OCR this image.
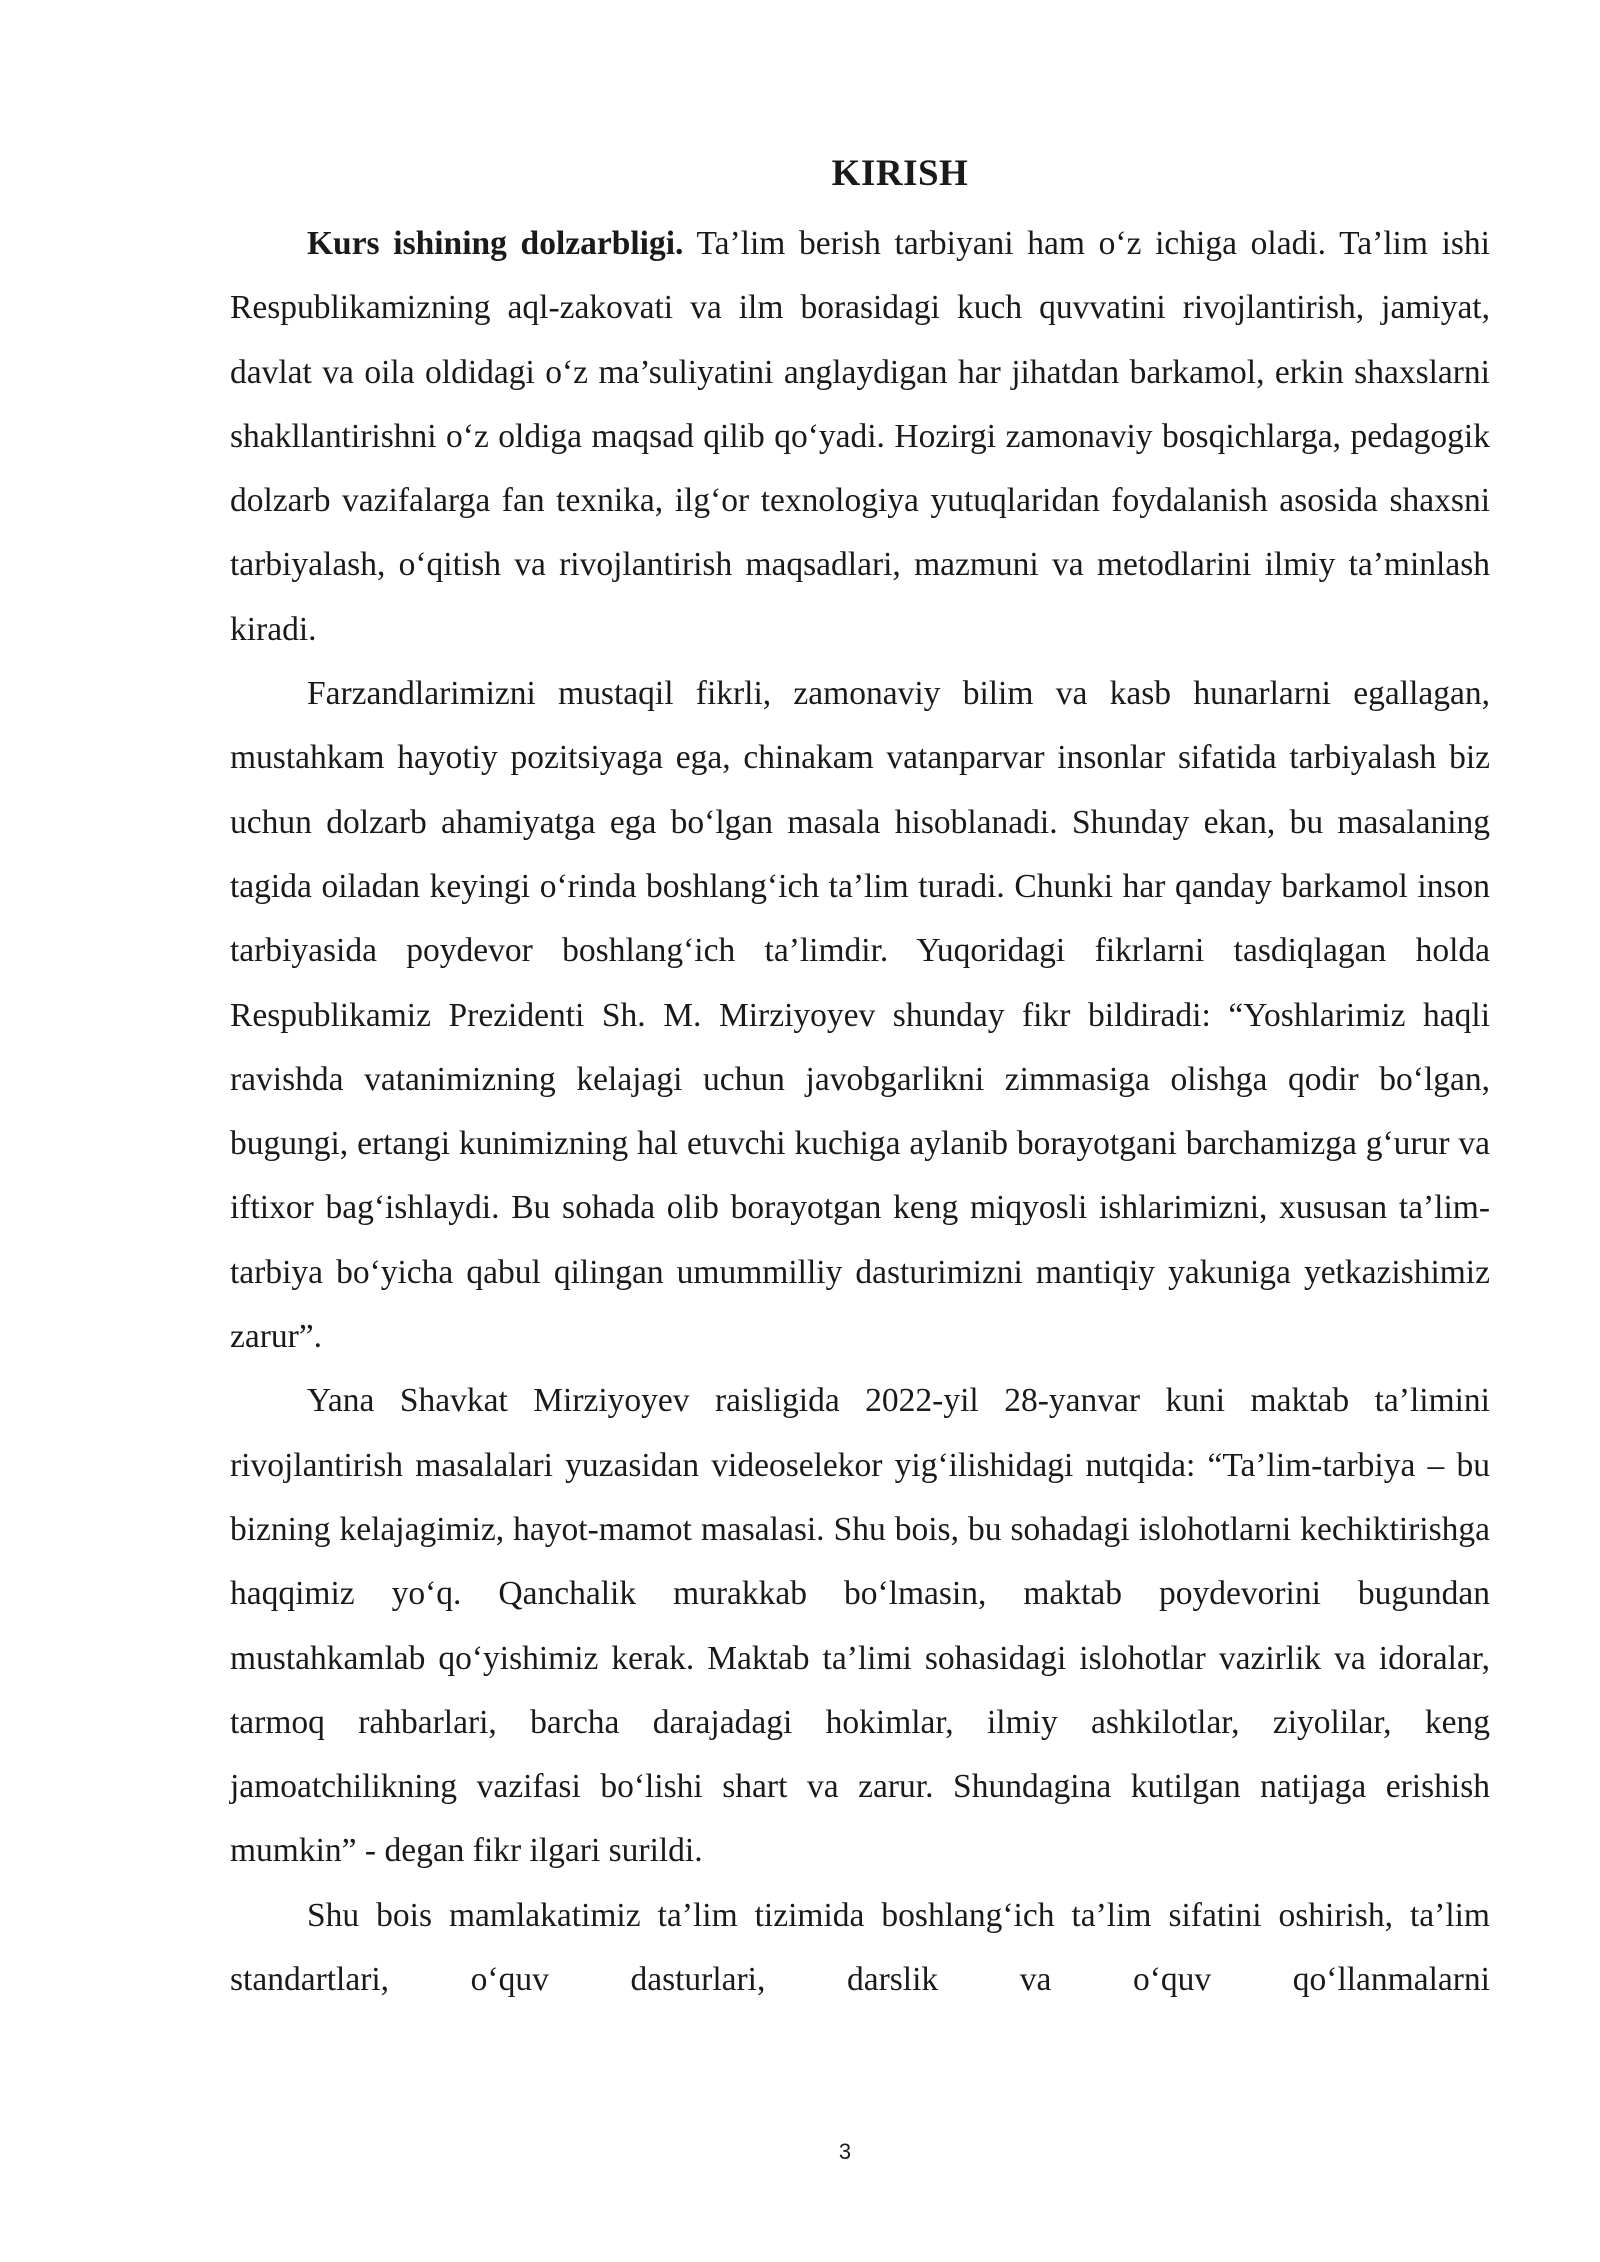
KIRISH

Kurs ishining dolzarbligi. Ta’lim berish tarbiyani ham o‘z ichiga oladi. Ta’lim ishi Respublikamizning aql-zakovati va ilm borasidagi kuch quvvatini rivojlantirish, jamiyat, davlat va oila oldidagi o‘z ma’suliyatini anglaydigan har jihatdan barkamol, erkin shaxslarni shakllantirishni o‘z oldiga maqsad qilib qo‘yadi. Hozirgi zamonaviy bosqichlarga, pedagogik dolzarb vazifalarga fan texnika, ilg‘or texnologiya yutuqlaridan foydalanish asosida shaxsni tarbiyalash, o‘qitish va rivojlantirish maqsadlari, mazmuni va metodlarini ilmiy ta’minlash kiradi.

Farzandlarimizni mustaqil fikrli, zamonaviy bilim va kasb hunarlarni egallagan, mustahkam hayotiy pozitsiyaga ega, chinakam vatanparvar insonlar sifatida tarbiyalash biz uchun dolzarb ahamiyatga ega bo‘lgan masala hisoblanadi. Shunday ekan, bu masalaning tagida oiladan keyingi o‘rinda boshlang‘ich ta’lim turadi. Chunki har qanday barkamol inson tarbiyasida poydevor boshlang‘ich ta’limdir. Yuqoridagi fikrlarni tasdiqlagan holda Respublikamiz Prezidenti Sh. M. Mirziyoyev shunday fikr bildiradi: “Yoshlarimiz haqli ravishda vatanimizning kelajagi uchun javobgarlikni zimmasiga olishga qodir bo‘lgan, bugungi, ertangi kunimizning hal etuvchi kuchiga aylanib borayotgani barchamizga g‘urur va iftixor bag‘ishlaydi. Bu sohada olib borayotgan keng miqyosli ishlarimizni, xususan ta’lim-tarbiya bo‘yicha qabul qilingan umummilliy dasturimizni mantiqiy yakuniga yetkazishimiz zarur”.

Yana Shavkat Mirziyoyev raisligida 2022-yil 28-yanvar kuni maktab ta’limini rivojlantirish masalalari yuzasidan videoselekor yig‘ilishidagi nutqida: “Ta’lim-tarbiya – bu bizning kelajagimiz, hayot-mamot masalasi. Shu bois, bu sohadagi islohotlarni kechiktirishga haqqimiz yo‘q. Qanchalik murakkab bo‘lmasin, maktab poydevorini bugundan mustahkamlab qo‘yishimiz kerak. Maktab ta’limi sohasidagi islohotlar vazirlik va idoralar, tarmoq rahbarlari, barcha darajadagi hokimlar, ilmiy ashkilotlar, ziyolilar, keng jamoatchilikning vazifasi bo‘lishi shart va zarur. Shundagina kutilgan natijaga erishish mumkin” - degan fikr ilgari surildi.

Shu bois mamlakatimiz ta’lim tizimida boshlang‘ich ta’lim sifatini oshirish, ta’lim standartlari, o‘quv dasturlari, darslik va o‘quv qo‘llanmalarni

3
